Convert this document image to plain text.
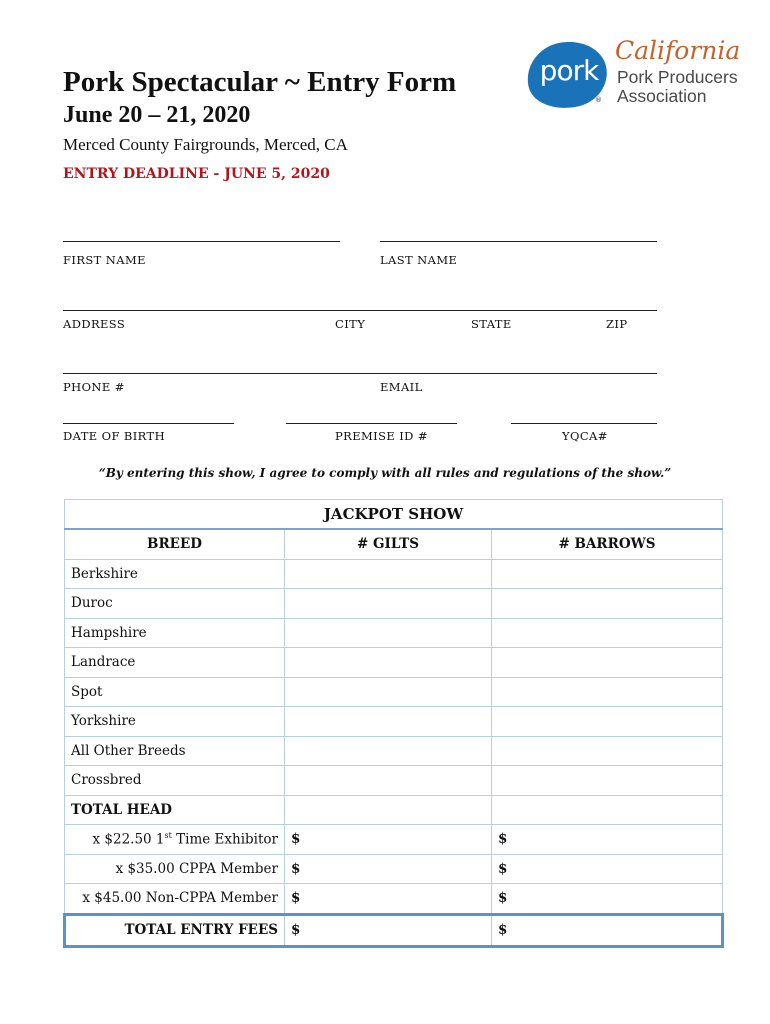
Pork Spectacular ~ Entry Form
June 20 – 21, 2020
Merced County Fairgrounds, Merced, CA
ENTRY DEADLINE - JUNE 5, 2020
pork
®
California
Pork Producers
Association
FIRST NAME	LAST NAME
ADDRESS	CITY	STATE	ZIP
PHONE #	EMAIL
DATE OF BIRTH	PREMISE ID #	YQCA#
“By entering this show, I agree to comply with all rules and regulations of the show.”
JACKPOT SHOW		
BREED	# GILTS	# BARROWS
Berkshire		
Duroc		
Hampshire		
Landrace		
Spot		
Yorkshire		
All Other Breeds		
Crossbred		
TOTAL HEAD		
x $22.50 1st Time Exhibitor	$	$
x $35.00 CPPA Member	$	$
x $45.00 Non-CPPA Member	$	$
TOTAL ENTRY FEES	$	$
